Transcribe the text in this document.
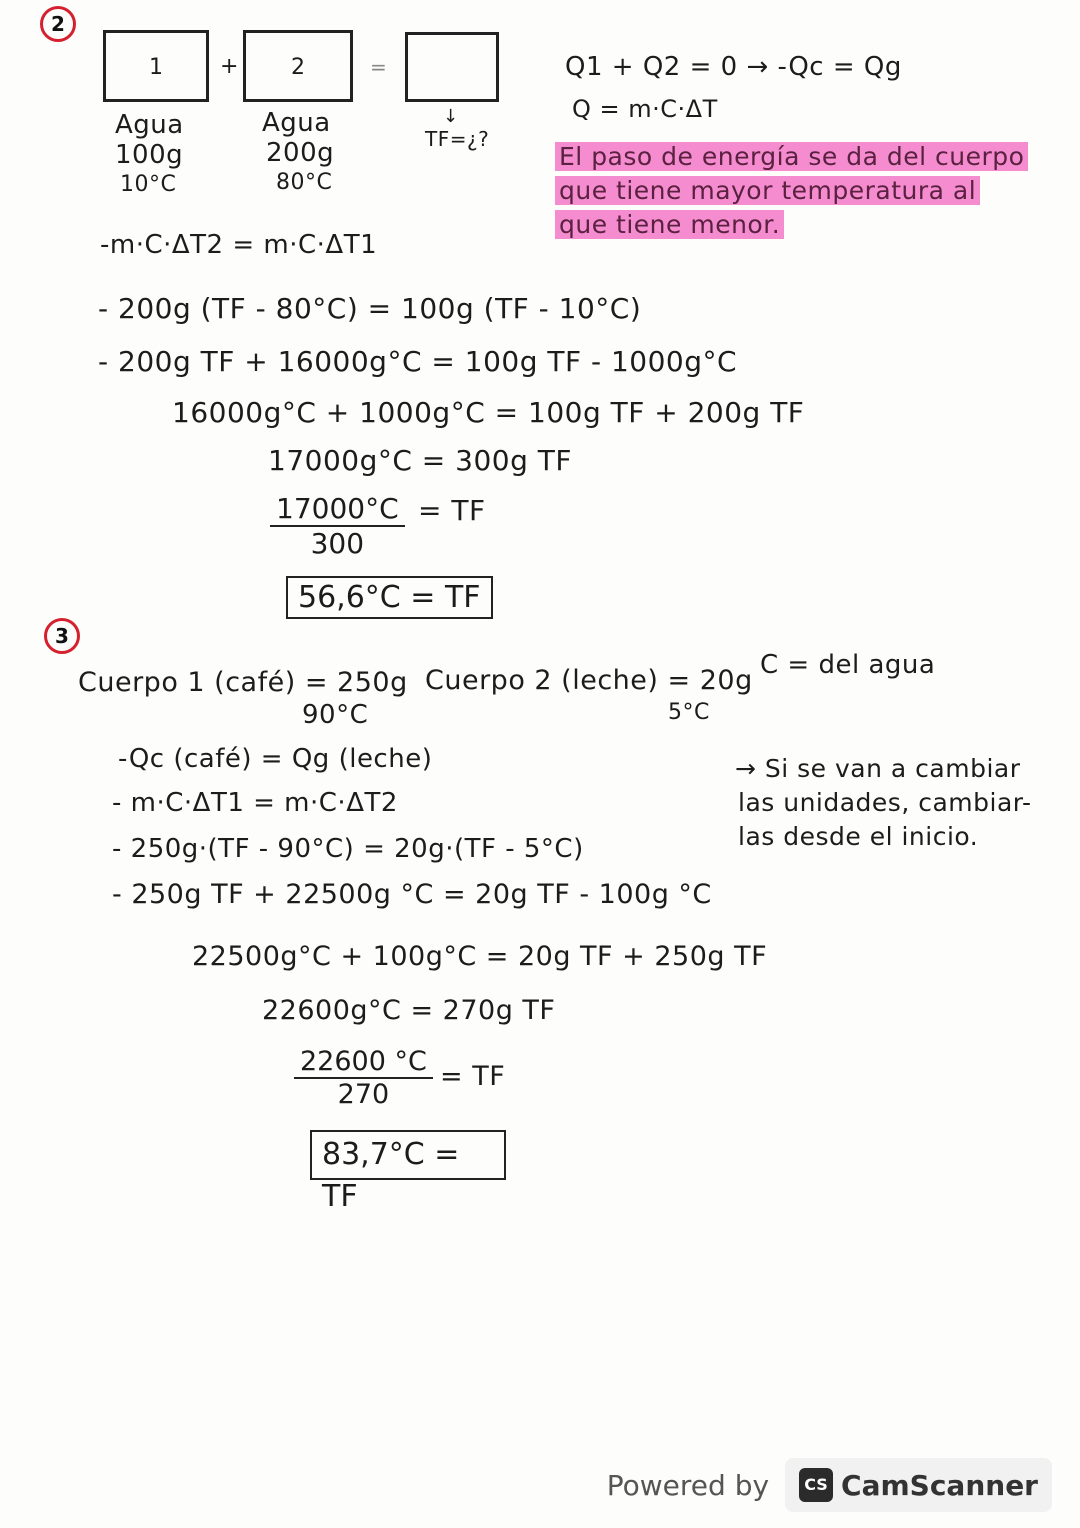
2
1	+	2	=
Agua
100g
10°C
Agua
200g
80°C
↓
TF=¿?
Q1 + Q2 = 0 → -Qc = Qg
Q = m·C·ΔT
El paso de energía se da del cuerpo
que tiene mayor temperatura al
que tiene menor.
-m·C·ΔT2 = m·C·ΔT1
- 200g (TF - 80°C) = 100g (TF - 10°C)
- 200g TF + 16000g°C = 100g TF - 1000g°C
16000g°C + 1000g°C = 100g TF + 200g TF
17000g°C = 300g TF
$\frac{17000^\circ C}{300}$ = TF
56,6°C = TF
3
Cuerpo 1 (café) = 250g
90°C
Cuerpo 2 (leche) = 20g
5°C
C = del agua
→ Si se van a cambiar
las unidades, cambiar-
las desde el inicio.
-Qc (café) = Qg (leche)
- m·C·ΔT1 = m·C·ΔT2
- 250g·(TF - 90°C) = 20g·(TF - 5°C)
- 250g TF + 22500g °C = 20g TF - 100g °C
22500g°C + 100g°C = 20g TF + 250g TF
22600g°C = 270g TF
$\frac{22600 ^\circ C}{270}$ = TF
83,7°C = TF
Powered by	CS CamScanner
